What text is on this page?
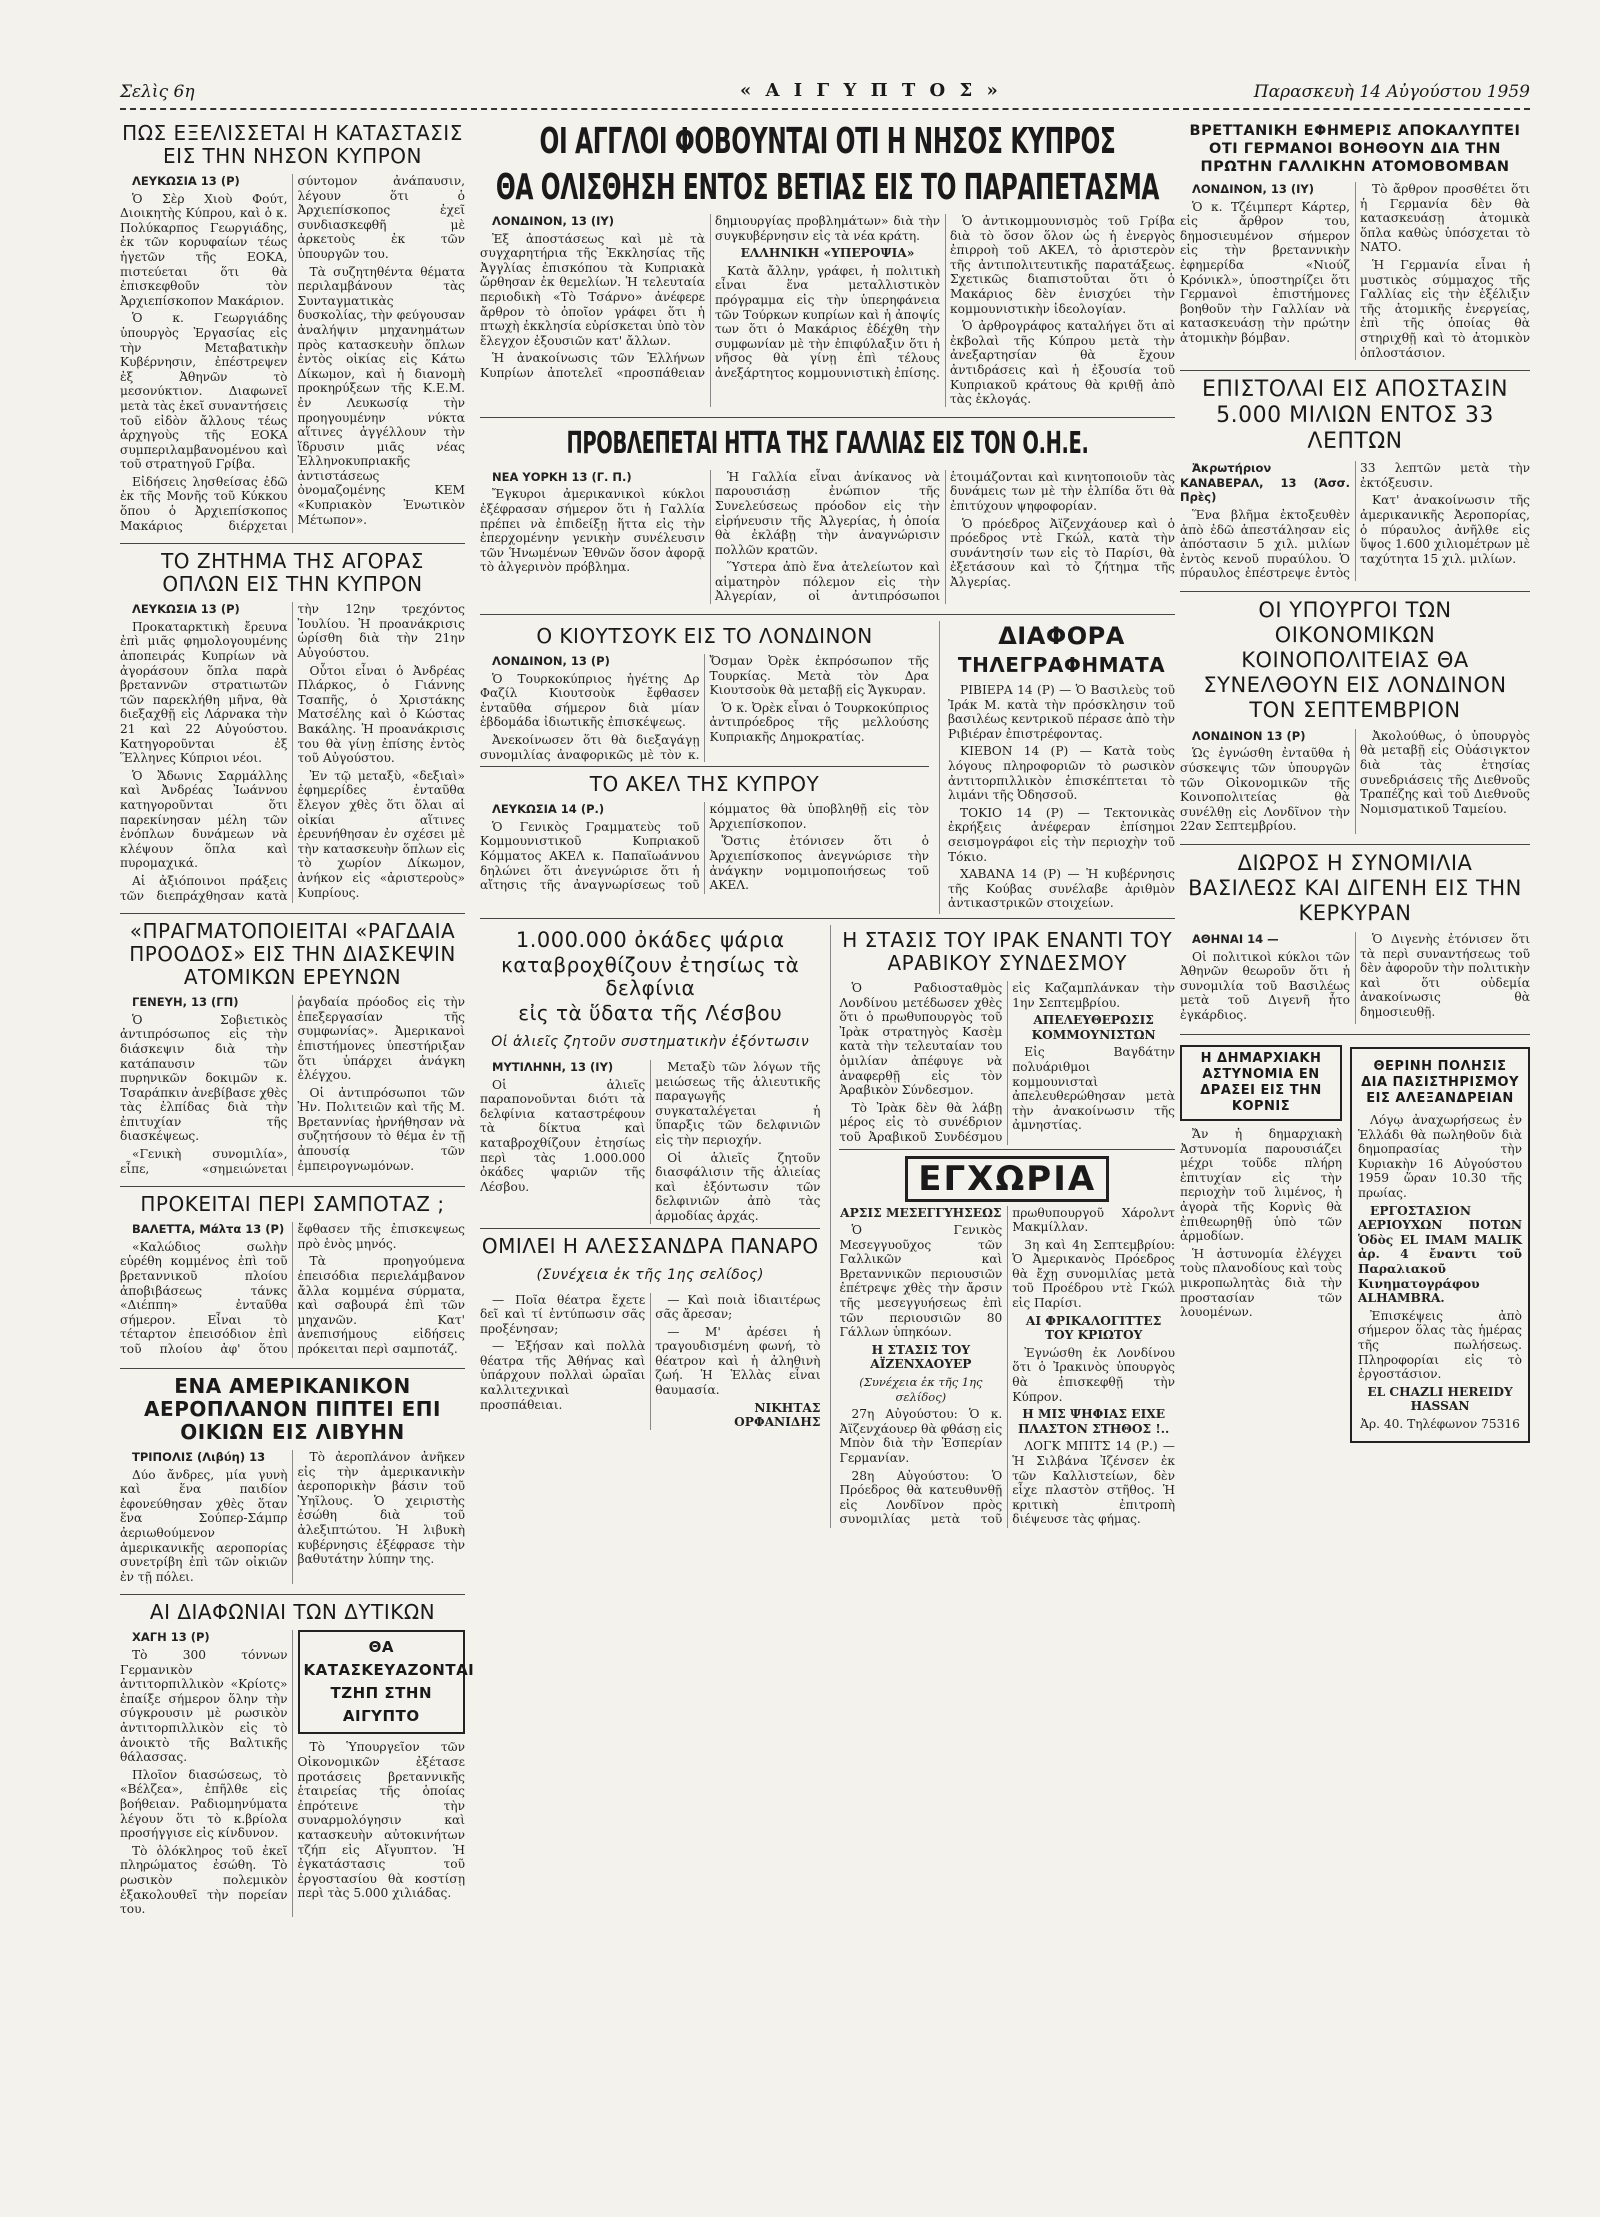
Σελὶς 6η	« Α Ι Γ Υ Π Τ Ο Σ »	Παρασκευὴ 14 Αὐγούστου 1959
ΠΩΣ ΕΞΕΛΙΣΣΕΤΑΙ Η ΚΑΤΑΣΤΑΣΙΣ ΕΙΣ ΤΗΝ ΝΗΣΟΝ ΚΥΠΡΟΝ

ΛΕΥΚΩΣΙΑ 13 (Ρ)

Ὁ Σὲρ Χιοὺ Φούτ, Διοικητὴς Κύπρου, καὶ ὁ κ. Πολύκαρπος Γεωργιάδης, ἐκ τῶν κορυφαίων τέως ἡγετῶν τῆς ΕΟΚΑ, πιστεύεται ὅτι θὰ ἐπισκεφθοῦν τὸν Ἀρχιεπίσκοπον Μακάριον.

Ὁ κ. Γεωργιάδης ὑπουργὸς Ἐργασίας εἰς τὴν Μεταβατικὴν Κυβέρνησιν, ἐπέστρεψεν ἐξ Ἀθηνῶν τὸ μεσονύκτιον. Διαφωνεῖ μετὰ τὰς ἐκεῖ συναντήσεις τοῦ εἰδὸν ἄλλους τέως ἀρχηγοὺς τῆς ΕΟΚΑ συμπεριλαμβανομένου καὶ τοῦ στρατηγοῦ Γρίβα.

Εἰδήσεις λησθείσας ἐδῶ ἐκ τῆς Μονῆς τοῦ Κύκκου ὅπου ὁ Ἀρχιεπίσκοπος Μακάριος διέρχεται σύντομον ἀνάπαυσιν, λέγουν ὅτι ὁ Ἀρχιεπίσκοπος ἐχεῖ συνδιασκεφθῆ μὲ ἀρκετοὺς ἐκ τῶν ὑπουργῶν του.

Τὰ συζητηθέντα θέματα περιλαμβάνουν τὰς Συνταγματικὰς δυσκολίας, τὴν φεύγουσαν ἀναλήψιν μηχανημάτων πρὸς κατασκευὴν ὅπλων ἐντὸς οἰκίας εἰς Κάτω Δίκωμον, καὶ ἡ διανομὴ προκηρύξεων τῆς Κ.Ε.Μ. ἐν Λευκωσίᾳ τὴν προηγουμένην νύκτα αἵτινες ἀγγέλλουν τὴν ἵδρυσιν μιᾶς νέας Ἑλληνοκυπριακῆς ἀντιστάσεως ὀνομαζομένης ΚΕΜ «Κυπριακὸν Ἑνωτικὸν Μέτωπον».

ΤΟ ΖΗΤΗΜΑ ΤΗΣ ΑΓΟΡΑΣ ΟΠΛΩΝ ΕΙΣ ΤΗΝ ΚΥΠΡΟΝ

ΛΕΥΚΩΣΙΑ 13 (Ρ)

Προκαταρκτικὴ ἔρευνα ἐπὶ μιᾶς φημολογουμένης ἀποπειράς Κυπρίων νὰ ἀγοράσουν ὅπλα παρὰ βρεταννῶν στρατιωτῶν τῶν παρεκλήθη μῆνα, θὰ διεξαχθῇ εἰς Λάρνακα τὴν 21 καὶ 22 Αὐγούστου. Κατηγοροῦνται ἐξ Ἕλληνες Κύπριοι νέοι.

Ὁ Ἄδωνις Σαρμάλλης καὶ Ἀνδρέας Ἰωάννου κατηγοροῦνται ὅτι παρεκίνησαν μέλη τῶν ἐνόπλων δυνάμεων νὰ κλέψουν ὅπλα καὶ πυρομαχικά.

Αἱ ἀξιόποινοι πράξεις τῶν διεπράχθησαν κατὰ τὴν 12ην τρεχόντος Ἰουλίου. Ἡ προανάκρισις ὡρίσθη διὰ τὴν 21ην Αὐγούστου.

Οὗτοι εἶναι ὁ Ἀνδρέας Πλάρκος, ὁ Γιάννης Τσαπῆς, ὁ Χριστάκης Ματσέλης καὶ ὁ Κώστας Βακάλης. Ἡ προανάκρισις του θὰ γίνῃ ἐπίσης ἐντὸς τοῦ Αὐγούστου.

Ἐν τῷ μεταξὺ, «δεξιαὶ» ἐφημερίδες ἐνταῦθα ἔλεγον χθὲς ὅτι ὅλαι αἱ οἰκίαι αἵτινες ἐρευνήθησαν ἐν σχέσει μὲ τὴν κατασκευὴν ὅπλων εἰς τὸ χωρίον Δίκωμον, ἀνήκον εἰς «ἀριστεροὺς» Κυπρίους.

«ΠΡΑΓΜΑΤΟΠΟΙΕΙΤΑΙ «ΡΑΓΔΑΙΑ ΠΡΟΟΔΟΣ» ΕΙΣ ΤΗΝ ΔΙΑΣΚΕΨΙΝ ΑΤΟΜΙΚΩΝ ΕΡΕΥΝΩΝ

ΓΕΝΕΥΗ, 13 (ΓΠ)

Ὁ Σοβιετικὸς ἀντιπρόσωπος εἰς τὴν διάσκεψιν διὰ τὴν κατάπαυσιν τῶν πυρηνικῶν δοκιμῶν κ. Τσαράπκιν ἀνεβίβασε χθὲς τὰς ἐλπίδας διὰ τὴν ἐπιτυχίαν τῆς διασκέψεως.

«Γενικὴ συνομιλία», εἶπε, «σημειώνεται ῥαγδαία πρόοδος εἰς τὴν ἐπεξεργασίαν τῆς συμφωνίας». Ἀμερικανοὶ ἐπιστήμονες ὑπεστήριξαν ὅτι ὑπάρχει ἀνάγκη ἐλέγχου.

Οἱ ἀντιπρόσωποι τῶν Ἡν. Πολιτειῶν καὶ τῆς Μ. Βρεταννίας ἠρνήθησαν νὰ συζητήσουν τὸ θέμα ἐν τῇ ἀπουσίᾳ τῶν ἐμπειρογνωμόνων.

ΠΡΟΚΕΙΤΑΙ ΠΕΡΙ ΣΑΜΠΟΤΑΖ ;

ΒΑΛΕΤΤΑ, Μάλτα 13 (Ρ)

«Καλώδιος σωλὴν εὑρέθη κομμένος ἐπὶ τοῦ βρεταννικοῦ πλοίου ἀποβιβάσεως τάνκς «Διέππη» ἐνταῦθα σήμερον. Εἶναι τὸ τέταρτον ἐπεισόδιον ἐπὶ τοῦ πλοίου ἀφ' ὅτου ἔφθασεν τῆς ἐπισκεψεως πρὸ ἑνὸς μηνός.

Τὰ προηγούμενα ἐπεισόδια περιελάμβανον ἄλλα κομμένα σύρματα, καὶ σαβουρά ἐπὶ τῶν μηχανῶν. Κατ' ἀνεπισήμους εἰδήσεις πρόκειται περὶ σαμποτάζ.

ΕΝΑ ΑΜΕΡΙΚΑΝΙΚΟΝ ΑΕΡΟΠΛΑΝΟΝ ΠΙΠΤΕΙ ΕΠΙ ΟΙΚΙΩΝ ΕΙΣ ΛΙΒΥΗΝ

ΤΡΙΠΟΛΙΣ (Λιβύη) 13

Δύο ἄνδρες, μία γυνὴ καὶ ἕνα παιδίον ἐφονεύθησαν χθὲς ὅταν ἕνα Σούπερ-Σάμπρ ἀεριωθούμενον ἀμερικανικῆς αεροπορίας συνετρίβη ἐπὶ τῶν οἰκιῶν ἐν τῇ πόλει.

Τὸ ἀεροπλάνον ἀνῆκεν εἰς τὴν ἀμερικανικὴν ἀεροπορικὴν βάσιν τοῦ Ὑηῖλους. Ὁ χειριστὴς ἐσώθη διὰ τοῦ ἀλεξιπτώτου. Ἡ λιβυκὴ κυβέρνησις ἐξέφρασε τὴν βαθυτάτην λύπην της.

ΑΙ ΔΙΑΦΩΝΙΑΙ ΤΩΝ ΔΥΤΙΚΩΝ

ΧΑΓΗ 13 (Ρ)

Τὸ 300 τόννων Γερμανικὸν ἀντιτορπιλλικὸν «Κρίοτς» ἐπαίξε σήμερον ὅλην τὴν σύγκρουσιν μὲ ρωσικὸν ἀντιτορπιλλικὸν εἰς τὸ ἀνοικτὸ τῆς Βαλτικῆς θάλασσας.

Πλοῖον διασώσεως, τὸ «Βέλζεα», ἐπῆλθε εἰς βοήθειαν. Ραδιομηνύματα λέγουν ὅτι τὸ κ.βρίολα προσήγγισε εἰς κίνδυνον.

Τὸ ὁλόκληρος τοῦ ἐκεῖ πληρώματος ἐσώθη. Τὸ ρωσικὸν πολεμικὸν ἐξακολουθεῖ τὴν πορείαν του.

ΘΑ ΚΑΤΑΣΚΕΥΑΖΟΝΤΑΙ ΤΖΗΠ ΣΤΗΝ ΑΙΓΥΠΤΟ

Τὸ Ὑπουργεῖον τῶν Οἰκονομικῶν ἐξέτασε προτάσεις βρεταννικῆς ἑταιρείας τῆς ὁποίας ἐπρότεινε τὴν συναρμολόγησιν καὶ κατασκευὴν αὐτοκινήτων τζήπ εἰς Αἴγυπτον. Ἡ ἐγκατάστασις τοῦ ἐργοστασίου θὰ κοστίσῃ περὶ τὰς 5.000 χιλιάδας.

ΟΙ ΑΓΓΛΟΙ ΦΟΒΟΥΝΤΑΙ ΟΤΙ Η ΝΗΣΟΣ ΚΥΠΡΟΣ
ΘΑ ΟΛΙΣΘΗΣΗ ΕΝΤΟΣ ΒΕΤΙΑΣ ΕΙΣ ΤΟ ΠΑΡΑΠΕΤΑΣΜΑ

ΛΟΝΔΙΝΟΝ, 13 (ΙΥ)

Ἐξ ἀποστάσεως καὶ μὲ τὰ συγχαρητήρια τῆς Ἐκκλησίας τῆς Ἀγγλίας ἐπισκόπου τὰ Κυπριακὰ ὥρθησαν ἐκ θεμελίων. Ἡ τελευταία περιοδικὴ «Τὸ Τσάρνο» ἀνέφερε ἄρθρον τὸ ὁποῖον γράφει ὅτι ἡ πτωχὴ ἐκκλησία εὑρίσκεται ὑπὸ τὸν ἔλεγχον ἐξουσιῶν κατ' ἄλλων.

Ἡ ἀνακοίνωσις τῶν Ἑλλήνων Κυπρίων ἀποτελεῖ «προσπάθειαν δημιουργίας προβλημάτων» διὰ τὴν συγκυβέρνησιν εἰς τὰ νέα κράτη.

ΕΛΛΗΝΙΚΗ «ΥΠΕΡΟΨΙΑ»

Κατὰ ἄλλην, γράφει, ἡ πολιτικὴ εἶναι ἕνα μεταλλιστικὸν πρόγραμμα εἰς τὴν ὑπερηφάνεια τῶν Τούρκων κυπρίων καὶ ἡ ἀποψίς των ὅτι ὁ Μακάριος ἐδέχθη τὴν συμφωνίαν μὲ τὴν ἐπιφύλαξιν ὅτι ἡ νῆσος θὰ γίνῃ ἐπὶ τέλους ἀνεξάρτητος κομμουνιστικὴ ἐπίσης.

Ὁ ἀντικομμουνισμὸς τοῦ Γρίβα διὰ τὸ ὅσον ὅλον ὡς ἡ ἐνεργὸς ἐπιρροὴ τοῦ ΑΚΕΛ, τὸ ἀριστερὸν τῆς ἀντιπολιτευτικῆς παρατάξεως. Σχετικῶς διαπιστοῦται ὅτι ὁ Μακάριος δὲν ἐνισχύει τὴν κομμουνιστικὴν ἰδεολογίαν.

Ὁ ἀρθρογράφος καταλήγει ὅτι αἱ ἐκβολαὶ τῆς Κύπρου μετὰ τὴν ἀνεξαρτησίαν θὰ ἔχουν ἀντιδράσεις καὶ ἡ ἐξουσία τοῦ Κυπριακοῦ κράτους θὰ κριθῇ ἀπὸ τὰς ἐκλογάς.

ΠΡΟΒΛΕΠΕΤΑΙ ΗΤΤΑ ΤΗΣ ΓΑΛΛΙΑΣ ΕΙΣ ΤΟΝ Ο.Η.Ε.

ΝΕΑ ΥΟΡΚΗ 13 (Γ. Π.)

Ἔγκυροι ἀμερικανικοὶ κύκλοι ἐξέφρασαν σήμερον ὅτι ἡ Γαλλία πρέπει νὰ ἐπιδείξῃ ἥττα εἰς τὴν ἐπερχομένην γενικὴν συνέλευσιν τῶν Ἡνωμένων Ἐθνῶν ὅσον ἀφορᾷ τὸ ἀλγερινὸν πρόβλημα.

Ἡ Γαλλία εἶναι ἀνίκανος νὰ παρουσιάσῃ ἐνώπιον τῆς Συνελεύσεως πρόοδον εἰς τὴν εἰρήνευσιν τῆς Ἀλγερίας, ἡ ὁποία θὰ ἐκλάβῃ τὴν ἀναγνώρισιν πολλῶν κρατῶν.

Ὕστερα ἀπὸ ἕνα ἀτελείωτον καὶ αἱματηρὸν πόλεμον εἰς τὴν Ἀλγερίαν, οἱ ἀντιπρόσωποι ἑτοιμάζονται καὶ κινητοποιοῦν τὰς δυνάμεις των μὲ τὴν ἐλπίδα ὅτι θὰ ἐπιτύχουν ψηφοφορίαν.

Ὁ πρόεδρος Ἀϊζενχάουερ καὶ ὁ πρόεδρος ντὲ Γκώλ, κατὰ τὴν συνάντησίν των εἰς τὸ Παρίσι, θὰ ἐξετάσουν καὶ τὸ ζήτημα τῆς Ἀλγερίας.

Ο ΚΙΟΥΤΣΟΥΚ ΕΙΣ ΤΟ ΛΟΝΔΙΝΟΝ

ΛΟΝΔΙΝΟΝ, 13 (Ρ)

Ὁ Τουρκοκύπριος ἡγέτης Δρ Φαζίλ Κιουτσοὺκ ἔφθασεν ἐνταῦθα σήμερον διὰ μίαν ἑβδομάδα ἰδιωτικῆς ἐπισκέψεως.

Ἀνεκοίνωσεν ὅτι θὰ διεξαγάγῃ συνομιλίας ἀναφορικῶς μὲ τὸν κ. Ὄσμαν Ὀρὲκ ἐκπρόσωπον τῆς Τουρκίας. Μετὰ τὸν Δρα Κιουτσοὺκ θὰ μεταβῇ εἰς Ἄγκυραν.

Ὁ κ. Ὀρὲκ εἶναι ὁ Τουρκοκύπριος ἀντιπρόεδρος τῆς μελλούσης Κυπριακῆς Δημοκρατίας.

ΤΟ ΑΚΕΛ ΤΗΣ ΚΥΠΡΟΥ

ΛΕΥΚΩΣΙΑ 14 (Ρ.)

Ὁ Γενικὸς Γραμματεὺς τοῦ Κομμουνιστικοῦ Κυπριακοῦ Κόμματος ΑΚΕΛ κ. Παπαϊωάννου δηλώνει ὅτι ἀνεγνώρισε ὅτι ἡ αἴτησις τῆς ἀναγνωρίσεως τοῦ κόμματος θὰ ὑποβληθῇ εἰς τὸν Ἀρχιεπίσκοπον.

Ὅστις ἐτόνισεν ὅτι ὁ Ἀρχιεπίσκοπος ἀνεγνώρισε τὴν ἀνάγκην νομιμοποιήσεως τοῦ ΑΚΕΛ.

ΔΙΑΦΟΡΑ
ΤΗΛΕΓΡΑΦΗΜΑΤΑ

ΡΙΒΙΕΡΑ 14 (Ρ) — Ὁ Βασιλεὺς τοῦ Ἰράκ Μ. κατὰ τὴν πρόσκλησιν τοῦ βασιλέως κεντρικοῦ πέρασε ἀπὸ τὴν Ριβιέραν ἐπιστρέφοντας.

ΚΙΕΒΟΝ 14 (Ρ) — Κατὰ τοὺς λόγους πληροφοριῶν τὸ ρωσικὸν ἀντιτορπιλλικὸν ἐπισκέπτεται τὸ λιμάνι τῆς Ὀδησσοῦ.

ΤΟΚΙΟ 14 (Ρ) — Τεκτονικὰς ἐκρήξεις ἀνέφεραν ἐπίσημοι σεισμογράφοι εἰς τὴν περιοχὴν τοῦ Τόκιο.

ΧΑΒΑΝΑ 14 (Ρ) — Ἡ κυβέρνησις τῆς Κούβας συνέλαβε ἀριθμὸν ἀντικαστρικῶν στοιχείων.

1.000.000 ὀκάδες ψάρια
καταβροχθίζουν ἐτησίως τὰ δελφίνια
εἰς τὰ ὕδατα τῆς Λέσβου
Οἱ ἁλιεῖς ζητοῦν συστηματικὴν ἐξόντωσιν

ΜΥΤΙΛΗΝΗ, 13 (ΙΥ)

Οἱ ἁλιεῖς παραπονοῦνται διότι τὰ δελφίνια καταστρέφουν τὰ δίκτυα καὶ καταβροχθίζουν ἐτησίως περὶ τὰς 1.000.000 ὀκάδες ψαριῶν τῆς Λέσβου.

Μεταξὺ τῶν λόγων τῆς μειώσεως τῆς ἁλιευτικῆς παραγωγῆς συγκαταλέγεται ἡ ὕπαρξις τῶν δελφινιῶν εἰς τὴν περιοχήν.

Οἱ ἁλιεῖς ζητοῦν διασφάλισιν τῆς ἁλιείας καὶ ἐξόντωσιν τῶν δελφινιῶν ἀπὸ τὰς ἁρμοδίας ἀρχάς.

ΟΜΙΛΕΙ Η ΑΛΕΣΣΑΝΔΡΑ ΠΑΝΑΡΟ
(Συνέχεια ἐκ τῆς 1ης σελίδος)

— Ποῖα θέατρα ἔχετε δεῖ καὶ τί ἐντύπωσιν σᾶς προξένησαν;

— Ἐξήσαν καὶ πολλὰ θέατρα τῆς Ἀθήνας καὶ ὑπάρχουν πολλαὶ ὡραῖαι καλλιτεχνικαὶ προσπάθειαι.

— Καὶ ποιὰ ἰδιαιτέρως σᾶς ἄρεσαν;

— Μ' ἀρέσει ἡ τραγουδισμένη φωνή, τὸ θέατρον καὶ ἡ ἀληθινὴ ζωή. Ἡ Ἑλλὰς εἶναι θαυμασία.

ΝΙΚΗΤΑΣ ΟΡΦΑΝΙΔΗΣ

Η ΣΤΑΣΙΣ ΤΟΥ ΙΡΑΚ ΕΝΑΝΤΙ ΤΟΥ ΑΡΑΒΙΚΟΥ ΣΥΝΔΕΣΜΟΥ

Ὁ Ραδιοσταθμὸς Λονδίνου μετέδωσεν χθὲς ὅτι ὁ πρωθυπουργὸς τοῦ Ἰρὰκ στρατηγὸς Κασὲμ κατὰ τὴν τελευταίαν του ὁμιλίαν ἀπέφυγε νὰ ἀναφερθῇ εἰς τὸν Ἀραβικὸν Σύνδεσμον.

Τὸ Ἰρὰκ δὲν θὰ λάβῃ μέρος εἰς τὸ συνέδριον τοῦ Ἀραβικοῦ Συνδέσμου εἰς Καζαμπλάνκαν τὴν 1ην Σεπτεμβρίου.

ΑΠΕΛΕΥΘΕΡΩΣΙΣ ΚΟΜΜΟΥΝΙΣΤΩΝ

Εἰς Βαγδάτην πολυάριθμοι κομμουνισταὶ ἀπελευθερώθησαν μετὰ τὴν ἀνακοίνωσιν τῆς ἀμνηστίας.

ΕΓΧΩΡΙΑ

ΑΡΣΙΣ ΜΕΣΕΓΓΥΗΣΕΩΣ

Ὁ Γενικὸς Μεσεγγυοῦχος τῶν Γαλλικῶν καὶ Βρεταννικῶν περιουσιῶν ἐπέτρεψε χθὲς τὴν ἄρσιν τῆς μεσεγγυήσεως ἐπὶ τῶν περιουσιῶν 80 Γάλλων ὑπηκόων.

Η ΣΤΑΣΙΣ ΤΟΥ ΑΪΖΕΝΧΑΟΥΕΡ

(Συνέχεια ἐκ τῆς 1ης σελίδος)

27η Αὐγούστου: Ὁ κ. Ἀϊζενχάουερ θὰ φθάσῃ εἰς Μπὸν διὰ τὴν Ἑσπερίαν Γερμανίαν.

28η Αὐγούστου: Ὁ Πρόεδρος θὰ κατευθυνθῇ εἰς Λονδῖνον πρὸς συνομιλίας μετὰ τοῦ πρωθυπουργοῦ Χάρολντ Μακμίλλαν.

3η καὶ 4η Σεπτεμβρίου: Ὁ Ἀμερικανὸς Πρόεδρος θὰ ἔχῃ συνομιλίας μετὰ τοῦ Προέδρου ντὲ Γκώλ εἰς Παρίσι.

ΑΙ ΦΡΙΚΑΛΟΓΙΤΤΕΣ ΤΟΥ ΚΡΙΩΤΟΥ

Ἐγνώσθη ἐκ Λονδίνου ὅτι ὁ Ἰρακινὸς ὑπουργὸς θὰ ἐπισκεφθῇ τὴν Κύπρον.

Η ΜΙΣ ΨΗΦΙΑΣ ΕΙΧΕ ΠΛΑΣΤΟΝ ΣΤΗΘΟΣ !..

ΛΟΓΚ ΜΠΙΤΣ 14 (Ρ.) — Ἡ Σιλβάνα Ἰζένσεν ἐκ τῶν Καλλιστείων, δὲν εἶχε πλαστὸν στῆθος. Ἡ κριτικὴ ἐπιτροπὴ διέψευσε τὰς φήμας.

ΒΡΕΤΤΑΝΙΚΗ ΕΦΗΜΕΡΙΣ ΑΠΟΚΑΛΥΠΤΕΙ ΟΤΙ ΓΕΡΜΑΝΟΙ ΒΟΗΘΟΥΝ ΔΙΑ ΤΗΝ ΠΡΩΤΗΝ ΓΑΛΛΙΚΗΝ ΑΤΟΜΟΒΟΜΒΑΝ

ΛΟΝΔΙΝΟΝ, 13 (ΙΥ)

Ὁ κ. Τζέιμπερτ Κάρτερ, εἰς ἄρθρον του, δημοσιευμένον σήμερον εἰς τὴν βρεταννικὴν ἐφημερίδα «Νιούζ Κρόνικλ», ὑποστηρίζει ὅτι Γερμανοὶ ἐπιστήμονες βοηθοῦν τὴν Γαλλίαν νὰ κατασκευάσῃ τὴν πρώτην ἀτομικὴν βόμβαν.

Τὸ ἄρθρον προσθέτει ὅτι ἡ Γερμανία δὲν θὰ κατασκευάσῃ ἀτομικὰ ὅπλα καθὼς ὑπόσχεται τὸ ΝΑΤΟ.

Ἡ Γερμανία εἶναι ἡ μυστικὸς σύμμαχος τῆς Γαλλίας εἰς τὴν ἐξέλιξιν τῆς ἀτομικῆς ἐνεργείας, ἐπὶ τῆς ὁποίας θὰ στηριχθῇ καὶ τὸ ἀτομικὸν ὁπλοστάσιον.

ΕΠΙΣΤΟΛΑΙ ΕΙΣ ΑΠΟΣΤΑΣΙΝ 5.000 ΜΙΛΙΩΝ ΕΝΤΟΣ 33 ΛΕΠΤΩΝ

Ἀκρωτήριον ΚΑΝΑΒΕΡΑΛ, 13 (Ἀσσ. Πρὲς)

Ἕνα βλῆμα ἐκτοξευθὲν ἀπὸ ἐδῶ ἀπεστάλησαν εἰς ἀπόστασιν 5 χιλ. μιλίων ἐντὸς κενοῦ πυραύλου. Ὁ πύραυλος ἐπέστρεψε ἐντὸς 33 λεπτῶν μετὰ τὴν ἐκτόξευσιν.

Κατ' ἀνακοίνωσιν τῆς ἀμερικανικῆς Ἀεροπορίας, ὁ πύραυλος ἀνῆλθε εἰς ὕψος 1.600 χιλιομέτρων μὲ ταχύτητα 15 χιλ. μιλίων.

ΟΙ ΥΠΟΥΡΓΟΙ ΤΩΝ ΟΙΚΟΝΟΜΙΚΩΝ ΚΟΙΝΟΠΟΛΙΤΕΙΑΣ ΘΑ ΣΥΝΕΛΘΟΥΝ ΕΙΣ ΛΟΝΔΙΝΟΝ ΤΟΝ ΣΕΠΤΕΜΒΡΙΟΝ

ΛΟΝΔΙΝΟΝ 13 (Ρ)

Ὡς ἐγνώσθη ἐνταῦθα ἡ σύσκεψις τῶν ὑπουργῶν τῶν Οἰκονομικῶν τῆς Κοινοπολιτείας θὰ συνέλθῃ εἰς Λονδῖνον τὴν 22αν Σεπτεμβρίου.

Ἀκολούθως, ὁ ὑπουργὸς θὰ μεταβῇ εἰς Οὐάσιγκτον διὰ τὰς ἐτησίας συνεδριάσεις τῆς Διεθνοῦς Τραπέζης καὶ τοῦ Διεθνοῦς Νομισματικοῦ Ταμείου.

ΔΙΩΡΟΣ Η ΣΥΝΟΜΙΛΙΑ ΒΑΣΙΛΕΩΣ ΚΑΙ ΔΙΓΕΝΗ ΕΙΣ ΤΗΝ ΚΕΡΚΥΡΑΝ

ΑΘΗΝΑΙ 14 —

Οἱ πολιτικοὶ κύκλοι τῶν Ἀθηνῶν θεωροῦν ὅτι ἡ συνομιλία τοῦ Βασιλέως μετὰ τοῦ Διγενῆ ἦτο ἐγκάρδιος.

Ὁ Διγενὴς ἐτόνισεν ὅτι τὰ περὶ συναντήσεως τοῦ δὲν ἀφοροῦν τὴν πολιτικὴν καὶ ὅτι οὐδεμία ἀνακοίνωσις θὰ δημοσιευθῇ.

Η ΔΗΜΑΡΧΙΑΚΗ ΑΣΤΥΝΟΜΙΑ ΕΝ ΔΡΑΣΕΙ ΕΙΣ ΤΗΝ ΚΟΡΝΙΣ

Ἄν ἡ δημαρχιακὴ Ἀστυνομία παρουσιάζει μέχρι τοῦδε πλήρη ἐπιτυχίαν εἰς τὴν περιοχὴν τοῦ λιμένος, ἡ ἀγορὰ τῆς Κορνὶς θὰ ἐπιθεωρηθῇ ὑπὸ τῶν ἁρμοδίων.

Ἡ ἀστυνομία ἐλέγχει τοὺς πλανοδίους καὶ τοὺς μικροπωλητὰς διὰ τὴν προστασίαν τῶν λουομένων.

ΘΕΡΙΝΗ ΠΟΛΗΣΙΣ ΔΙΑ ΠΑΣΙΣΤΗΡΙΣΜΟΥ ΕΙΣ ΑΛΕΞΑΝΔΡΕΙΑΝ

Λόγῳ ἀναχωρήσεως ἐν Ἑλλάδι θὰ πωληθοῦν διὰ δημοπρασίας τὴν Κυριακὴν 16 Αὐγούστου 1959 ὥραν 10.30 τῆς πρωίας.

ΕΡΓΟΣΤΑΣΙΟΝ ΑΕΡΙΟΥΧΩΝ ΠΟΤΩΝ Ὁδὸς EL IMAM MALIK ἀρ. 4 ἔναντι τοῦ Παραλιακοῦ Κινηματογράφου ALHAMBRA.

Ἐπισκέψεις ἀπὸ σήμερον ὅλας τὰς ἡμέρας τῆς πωλήσεως. Πληροφορίαι εἰς τὸ ἐργοστάσιον.

EL CHAZLI HEREIDY HASSAN

Ἀρ. 40. Τηλέφωνον 75316
